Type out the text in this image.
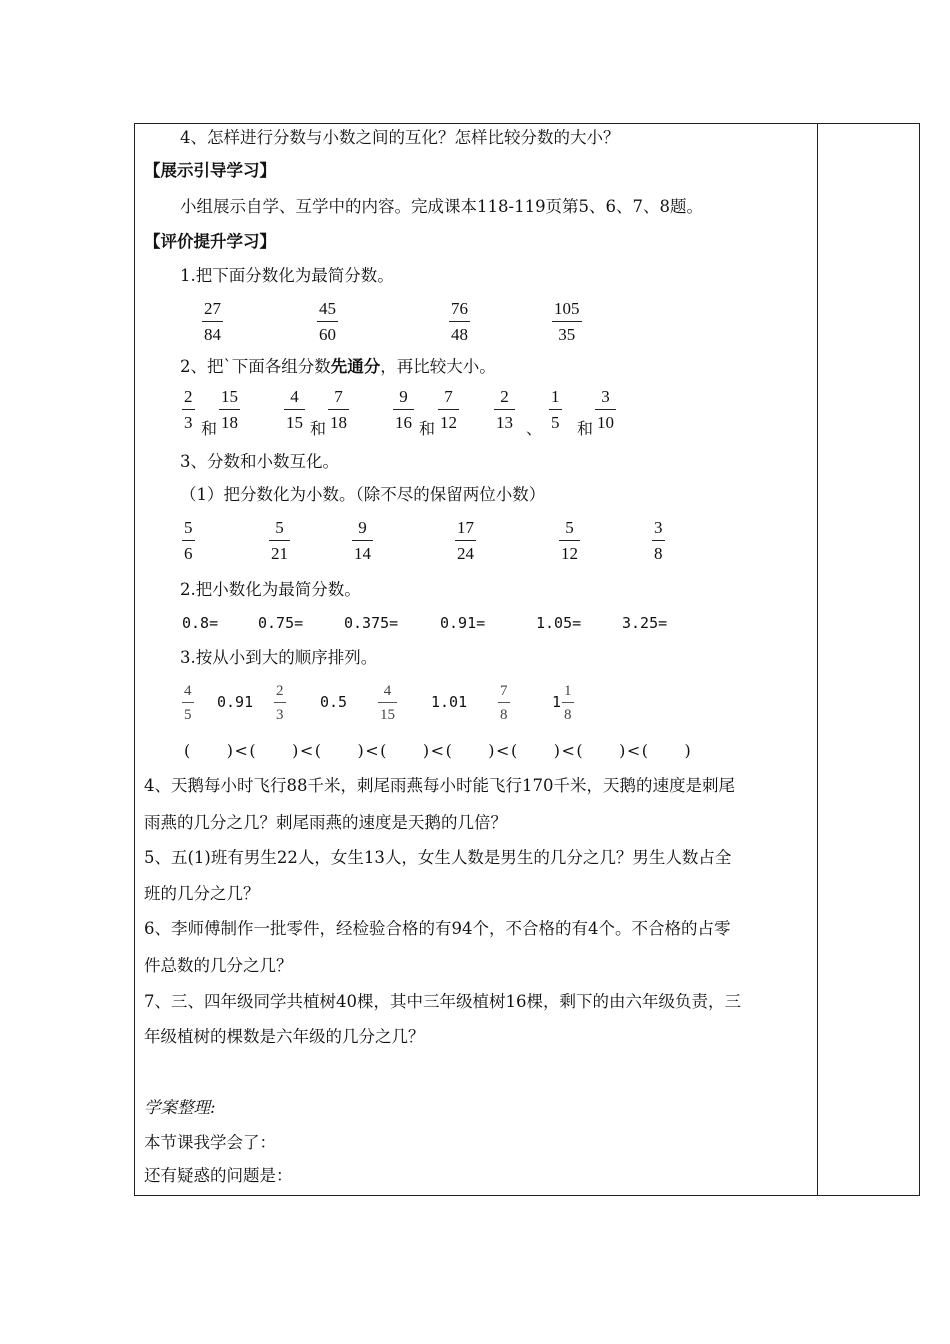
4、怎样进行分数与小数之间的互化？怎样比较分数的大小？
【展示引导学习】
小组展示自学、互学中的内容。完成课本118-119页第5、6、7、8题。
【评价提升学习】
1.把下面分数化为最简分数。
27
84
45
60
76
48
105
35
2、把`下面各组分数先通分，再比较大小。
2
3 和
15
18
4
15 和
7
18
9
16 和
7
12
2
13 、
1
5 和
3
10
3、分数和小数互化。
（1）把分数化为小数。（除不尽的保留两位小数）
5
6
5
21
9
14
17
24
5
12
3
8
2.把小数化为最简分数。
0.8=	0.75=	0.375=	0.91=	1.05=	3.25=
3.按从小到大的顺序排列。
4
5
0.91
2
3
0.5
4
15
1.01
7
8
1
1
8
(　　)<(　　)<(　　)<(　　)<(　　)<(　　)<(　　)<(　　)
4、天鹅每小时飞行88千米，刺尾雨燕每小时能飞行170千米，天鹅的速度是刺尾
雨燕的几分之几？刺尾雨燕的速度是天鹅的几倍？
5、五(1)班有男生22人，女生13人，女生人数是男生的几分之几？男生人数占全
班的几分之几？
6、李师傅制作一批零件，经检验合格的有94个，不合格的有4个。不合格的占零
件总数的几分之几？
7、三、四年级同学共植树40棵，其中三年级植树16棵，剩下的由六年级负责，三
年级植树的棵数是六年级的几分之几？
学案整理:
本节课我学会了：
还有疑惑的问题是：
